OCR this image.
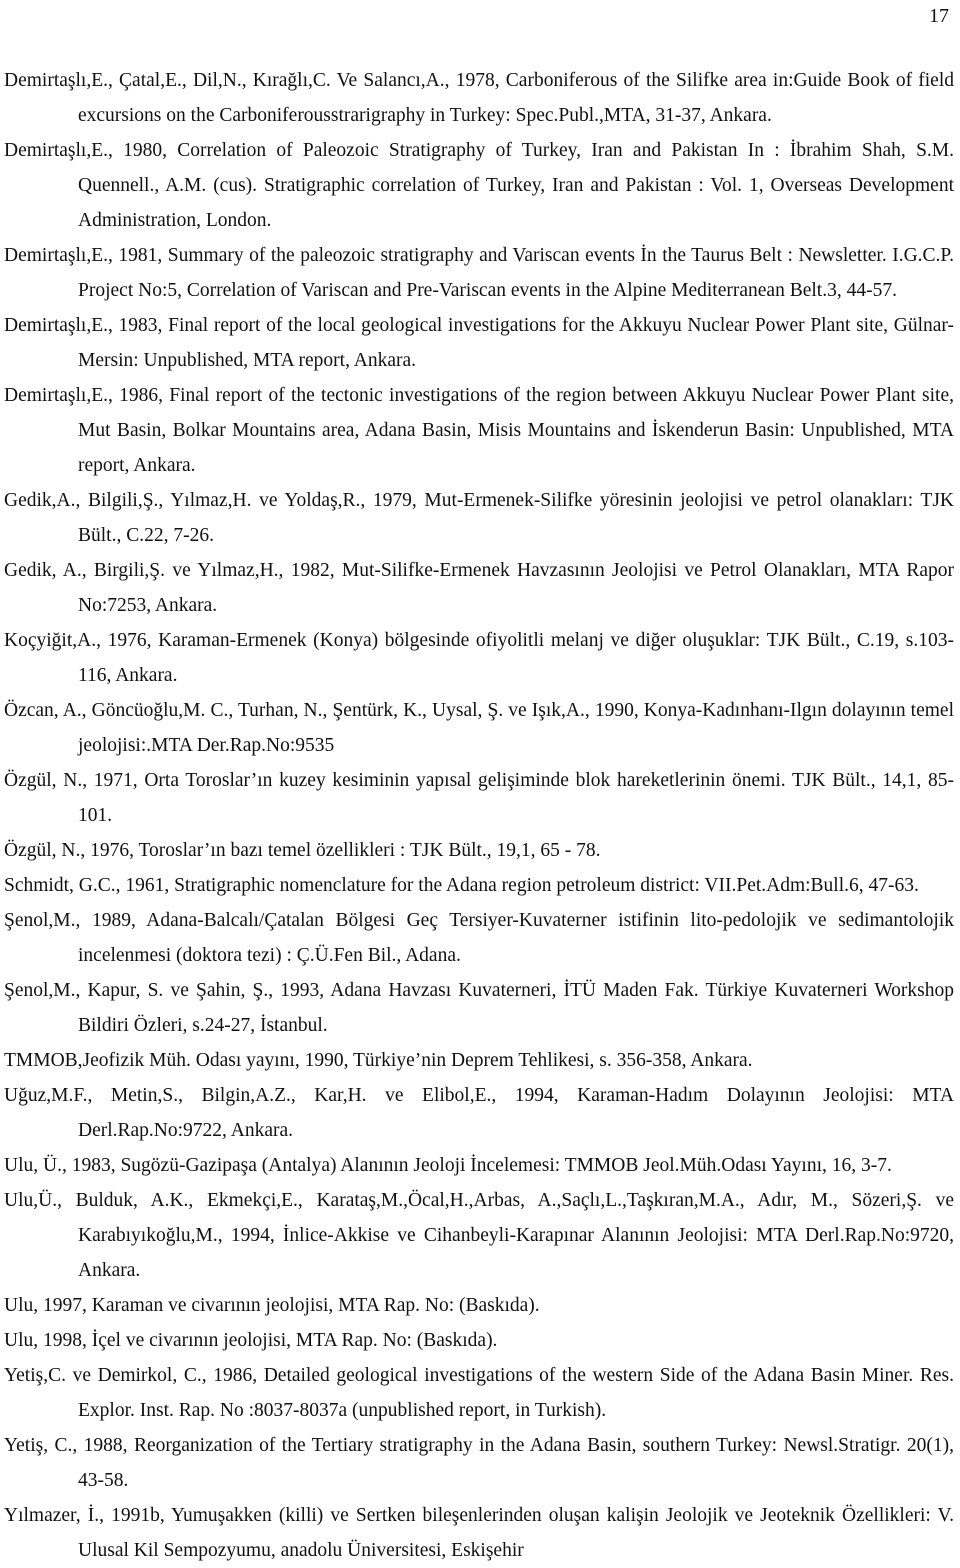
17
Demirtaşlı,E., Çatal,E., Dil,N., Kırağlı,C. Ve Salancı,A., 1978, Carboniferous of the Silifke area in:Guide Book of field excursions on the Carboniferousstrarigraphy in Turkey: Spec.Publ.,MTA, 31-37, Ankara.
Demirtaşlı,E., 1980, Correlation of Paleozoic Stratigraphy of Turkey, Iran and Pakistan In : İbrahim Shah, S.M. Quennell., A.M. (cus). Stratigraphic correlation of Turkey, Iran and Pakistan : Vol. 1, Overseas Development Administration, London.
Demirtaşlı,E., 1981, Summary of the paleozoic stratigraphy and Variscan events İn the Taurus Belt : Newsletter. I.G.C.P. Project No:5, Correlation of Variscan and Pre-Variscan events in the Alpine Mediterranean Belt.3, 44-57.
Demirtaşlı,E., 1983, Final report of the local geological investigations for the Akkuyu Nuclear Power Plant site, Gülnar-Mersin: Unpublished, MTA report, Ankara.
Demirtaşlı,E., 1986, Final report of the tectonic investigations of the region between Akkuyu Nuclear Power Plant site, Mut Basin, Bolkar Mountains area, Adana Basin, Misis Mountains and İskenderun Basin: Unpublished, MTA report, Ankara.
Gedik,A., Bilgili,Ş., Yılmaz,H. ve Yoldaş,R., 1979, Mut-Ermenek-Silifke yöresinin jeolojisi ve petrol olanakları: TJK Bült., C.22, 7-26.
Gedik, A., Birgili,Ş. ve Yılmaz,H., 1982, Mut-Silifke-Ermenek Havzasının Jeolojisi ve Petrol Olanakları, MTA Rapor No:7253, Ankara.
Koçyiğit,A., 1976, Karaman-Ermenek (Konya) bölgesinde ofiyolitli melanj ve diğer oluşuklar: TJK Bült., C.19, s.103-116, Ankara.
Özcan, A., Göncüoğlu,M. C., Turhan, N., Şentürk, K., Uysal, Ş. ve Işık,A., 1990, Konya-Kadınhanı-Ilgın dolayının temel jeolojisi:.MTA Der.Rap.No:9535
Özgül, N., 1971, Orta Toroslar’ın kuzey kesiminin yapısal gelişiminde blok hareketlerinin önemi. TJK Bült., 14,1, 85-101.
Özgül, N., 1976, Toroslar’ın bazı temel özellikleri : TJK Bült., 19,1, 65 - 78.
Schmidt, G.C., 1961, Stratigraphic nomenclature for the Adana region petroleum district: VII.Pet.Adm:Bull.6, 47-63.
Şenol,M., 1989, Adana-Balcalı/Çatalan Bölgesi Geç Tersiyer-Kuvaterner istifinin lito-pedolojik ve sedimantolojik incelenmesi (doktora tezi) : Ç.Ü.Fen Bil., Adana.
Şenol,M., Kapur, S. ve Şahin, Ş., 1993, Adana Havzası Kuvaterneri, İTÜ Maden Fak. Türkiye Kuvaterneri Workshop Bildiri Özleri, s.24-27, İstanbul.
TMMOB,Jeofizik Müh. Odası yayını, 1990, Türkiye’nin Deprem Tehlikesi, s. 356-358, Ankara.
Uğuz,M.F., Metin,S., Bilgin,A.Z., Kar,H. ve Elibol,E., 1994, Karaman-Hadım Dolayının Jeolojisi: MTA Derl.Rap.No:9722, Ankara.
Ulu, Ü., 1983, Sugözü-Gazipaşa (Antalya) Alanının Jeoloji İncelemesi: TMMOB Jeol.Müh.Odası Yayını, 16, 3-7.
Ulu,Ü., Bulduk, A.K., Ekmekçi,E., Karataş,M.,Öcal,H.,Arbas, A.,Saçlı,L.,Taşkıran,M.A., Adır, M., Sözeri,Ş. ve Karabıyıkoğlu,M., 1994, İnlice-Akkise ve Cihanbeyli-Karapınar Alanının Jeolojisi: MTA Derl.Rap.No:9720, Ankara.
Ulu, 1997, Karaman ve civarının jeolojisi, MTA Rap. No: (Baskıda).
Ulu, 1998, İçel ve civarının jeolojisi, MTA Rap. No: (Baskıda).
Yetiş,C. ve Demirkol, C., 1986, Detailed geological investigations of the western Side of the Adana Basin Miner. Res. Explor. Inst. Rap. No :8037-8037a (unpublished report, in Turkish).
Yetiş, C., 1988, Reorganization of the Tertiary stratigraphy in the Adana Basin, southern Turkey: Newsl.Stratigr. 20(1), 43-58.
Yılmazer, İ., 1991b, Yumuşakken (killi) ve Sertken bileşenlerinden oluşan kalişin Jeolojik ve Jeoteknik Özellikleri: V. Ulusal Kil Sempozyumu, anadolu Üniversitesi, Eskişehir
